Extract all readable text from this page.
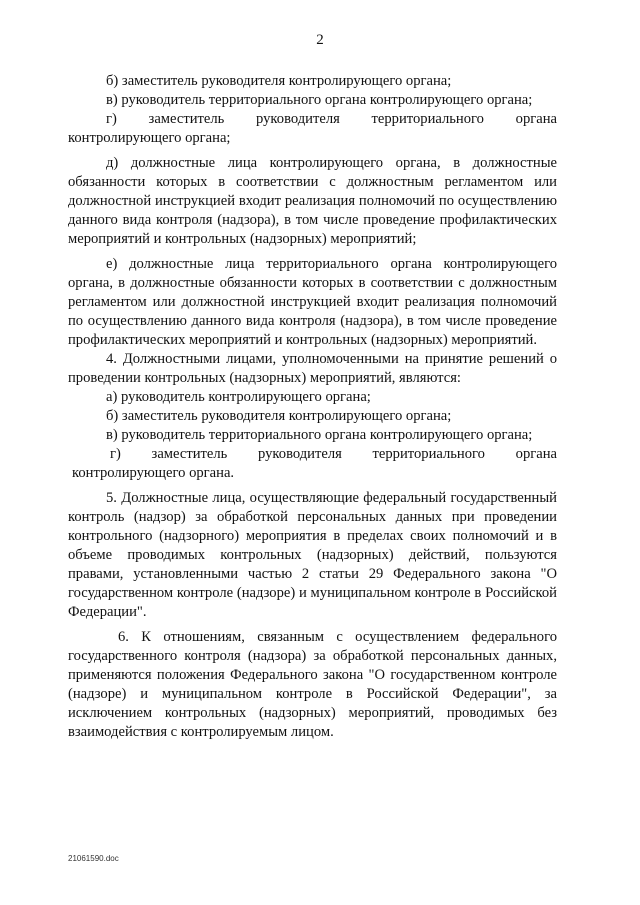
2

б) заместитель руководителя контролирующего органа;

в) руководитель территориального органа контролирующего органа;

г) заместитель руководителя территориального органа контролирующего органа;

д) должностные лица контролирующего органа, в должностные обязанности которых в соответствии с должностным регламентом или должностной инструкцией входит реализация полномочий по осуществлению данного вида контроля (надзора), в том числе проведение профилактических мероприятий и контрольных (надзорных) мероприятий;

е) должностные лица территориального органа контролирующего органа, в должностные обязанности которых в соответствии с должностным регламентом или должностной инструкцией входит реализация полномочий по осуществлению данного вида контроля (надзора), в том числе проведение профилактических мероприятий и контрольных (надзорных) мероприятий.

4. Должностными лицами, уполномоченными на принятие решений о проведении контрольных (надзорных) мероприятий, являются:

а) руководитель контролирующего органа;

б) заместитель руководителя контролирующего органа;

в) руководитель территориального органа контролирующего органа;

г) заместитель руководителя территориального органа контролирующего органа.

5. Должностные лица, осуществляющие федеральный государственный контроль (надзор) за обработкой персональных данных при проведении контрольного (надзорного) мероприятия в пределах своих полномочий и в объеме проводимых контрольных (надзорных) действий, пользуются правами, установленными частью 2 статьи 29 Федерального закона "О государственном контроле (надзоре) и муниципальном контроле в Российской Федерации".

6. К отношениям, связанным с осуществлением федерального государственного контроля (надзора) за обработкой персональных данных, применяются положения Федерального закона "О государственном контроле (надзоре) и муниципальном контроле в Российской Федерации", за исключением контрольных (надзорных) мероприятий, проводимых без взаимодействия с контролируемым лицом.

21061590.doc
